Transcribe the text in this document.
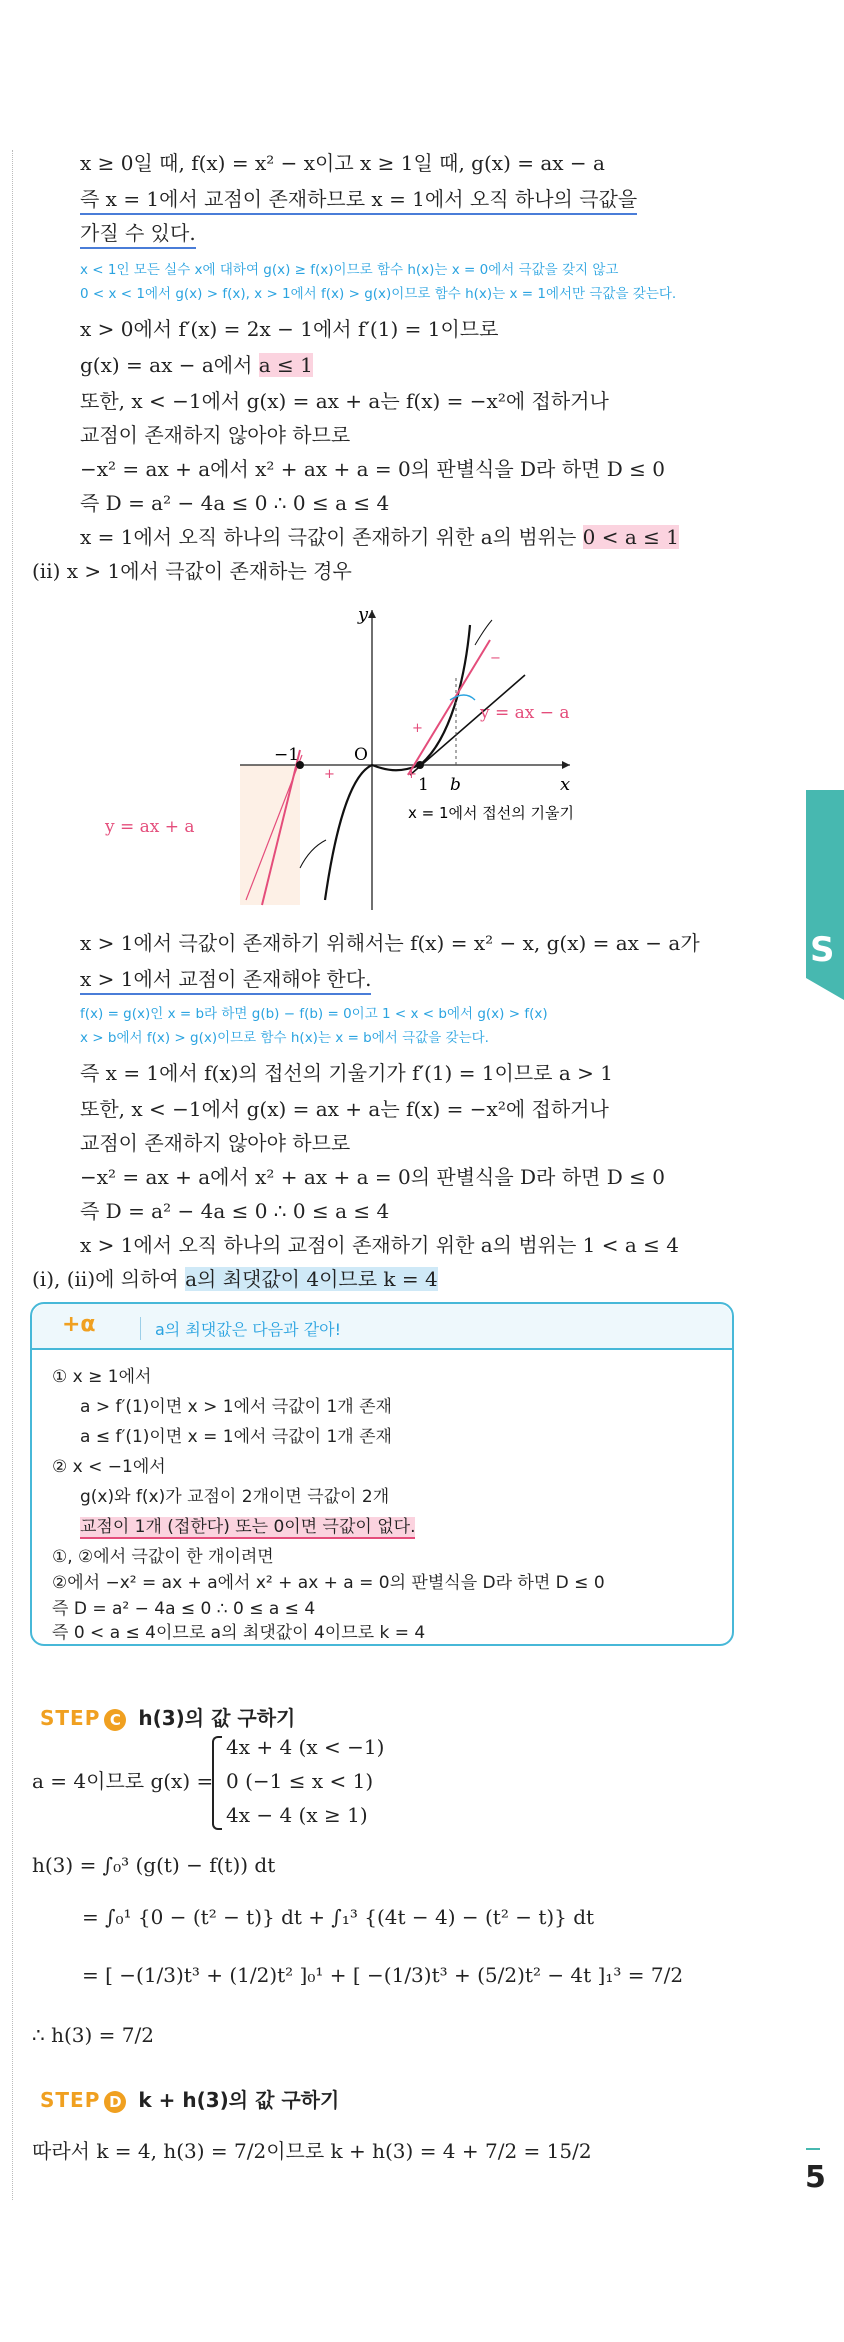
S
5
x ≥ 0일 때, f(x) = x² − x이고 x ≥ 1일 때, g(x) = ax − a
즉 x = 1에서 교점이 존재하므로 x = 1에서 오직 하나의 극값을
가질 수 있다.
x < 1인 모든 실수 x에 대하여 g(x) ≥ f(x)이므로 함수 h(x)는 x = 0에서 극값을 갖지 않고
0 < x < 1에서 g(x) > f(x), x > 1에서 f(x) > g(x)이므로 함수 h(x)는 x = 1에서만 극값을 갖는다.
x > 0에서 f′(x) = 2x − 1에서 f′(1) = 1이므로
g(x) = ax − a에서 a ≤ 1
또한, x < −1에서 g(x) = ax + a는 f(x) = −x²에 접하거나
교점이 존재하지 않아야 하므로
−x² = ax + a에서 x² + ax + a = 0의 판별식을 D라 하면 D ≤ 0
즉 D = a² − 4a ≤ 0 ∴ 0 ≤ a ≤ 4
x = 1에서 오직 하나의 극값이 존재하기 위한 a의 범위는 0 < a ≤ 1
(ii) x > 1에서 극값이 존재하는 경우
y
x
O
−1
1 b
y = ax − a
y = ax + a
x = 1에서 접선의 기울기
+
+	+
−
x > 1에서 극값이 존재하기 위해서는 f(x) = x² − x, g(x) = ax − a가
x > 1에서 교점이 존재해야 한다.
f(x) = g(x)인 x = b라 하면 g(b) − f(b) = 0이고 1 < x < b에서 g(x) > f(x)
x > b에서 f(x) > g(x)이므로 함수 h(x)는 x = b에서 극값을 갖는다.
즉 x = 1에서 f(x)의 접선의 기울기가 f′(1) = 1이므로 a > 1
또한, x < −1에서 g(x) = ax + a는 f(x) = −x²에 접하거나
교점이 존재하지 않아야 하므로
−x² = ax + a에서 x² + ax + a = 0의 판별식을 D라 하면 D ≤ 0
즉 D = a² − 4a ≤ 0 ∴ 0 ≤ a ≤ 4
x > 1에서 오직 하나의 교점이 존재하기 위한 a의 범위는 1 < a ≤ 4
(i), (ii)에 의하여 a의 최댓값이 4이므로 k = 4
+α	a의 최댓값은 다음과 같아!
① x ≥ 1에서
a > f′(1)이면 x > 1에서 극값이 1개 존재
a ≤ f′(1)이면 x = 1에서 극값이 1개 존재
② x < −1에서
g(x)와 f(x)가 교점이 2개이면 극값이 2개
교점이 1개 (접한다) 또는 0이면 극값이 없다.
①, ②에서 극값이 한 개이려면
②에서 −x² = ax + a에서 x² + ax + a = 0의 판별식을 D라 하면 D ≤ 0
즉 D = a² − 4a ≤ 0 ∴ 0 ≤ a ≤ 4
즉 0 < a ≤ 4이므로 a의 최댓값이 4이므로 k = 4
STEP C h(3)의 값 구하기
a = 4이므로 g(x) =
4x + 4 (x < −1)
0 (−1 ≤ x < 1)
4x − 4 (x ≥ 1)
h(3) = ∫₀³ (g(t) − f(t)) dt
= ∫₀¹ {0 − (t² − t)} dt + ∫₁³ {(4t − 4) − (t² − t)} dt
= [ −(1/3)t³ + (1/2)t² ]₀¹ + [ −(1/3)t³ + (5/2)t² − 4t ]₁³ = 7/2
∴ h(3) = 7/2
STEP D k + h(3)의 값 구하기
따라서 k = 4, h(3) = 7/2이므로 k + h(3) = 4 + 7/2 = 15/2
